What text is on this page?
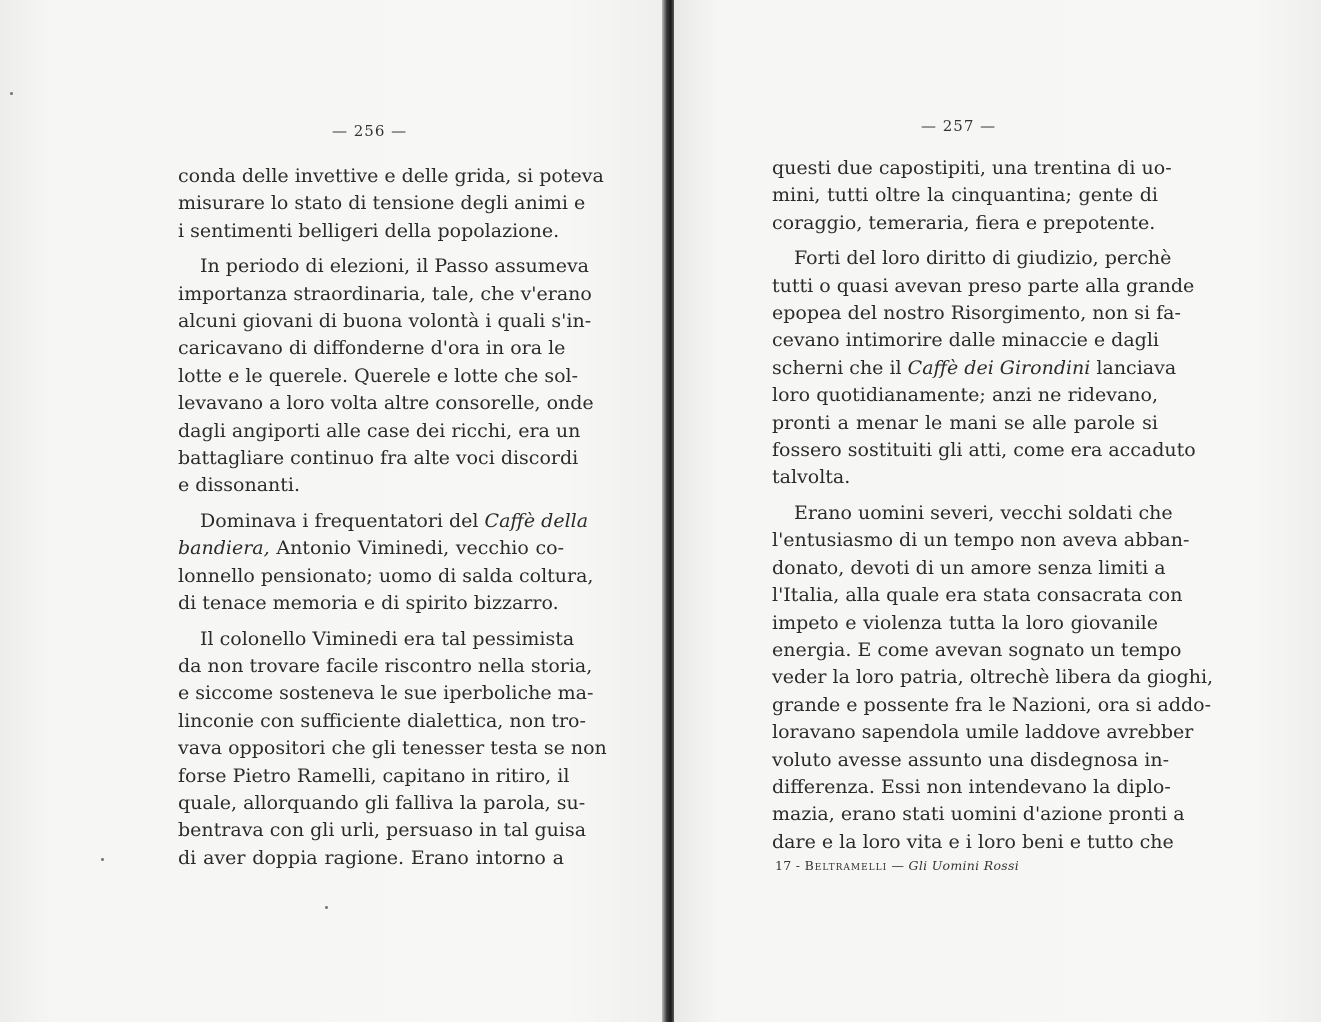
— 256 —
conda delle invettive e delle grida, si poteva
misurare lo stato di tensione degli animi e
i sentimenti belligeri della popolazione.
In periodo di elezioni, il Passo assumeva
importanza straordinaria, tale, che v'erano
alcuni giovani di buona volontà i quali s'in-
caricavano di diffonderne d'ora in ora le
lotte e le querele. Querele e lotte che sol-
levavano a loro volta altre consorelle, onde
dagli angiporti alle case dei ricchi, era un
battagliare continuo fra alte voci discordi
e dissonanti.
Dominava i frequentatori del Caffè della
bandiera, Antonio Viminedi, vecchio co-
lonnello pensionato; uomo di salda coltura,
di tenace memoria e di spirito bizzarro.
Il colonello Viminedi era tal pessimista
da non trovare facile riscontro nella storia,
e siccome sosteneva le sue iperboliche ma-
linconie con sufficiente dialettica, non tro-
vava oppositori che gli tenesser testa se non
forse Pietro Ramelli, capitano in ritiro, il
quale, allorquando gli falliva la parola, su-
bentrava con gli urli, persuaso in tal guisa
di aver doppia ragione. Erano intorno a
— 257 —
questi due capostipiti, una trentina di uo-
mini, tutti oltre la cinquantina; gente di
coraggio, temeraria, fiera e prepotente.
Forti del loro diritto di giudizio, perchè
tutti o quasi avevan preso parte alla grande
epopea del nostro Risorgimento, non si fa-
cevano intimorire dalle minaccie e dagli
scherni che il Caffè dei Girondini lanciava
loro quotidianamente; anzi ne ridevano,
pronti a menar le mani se alle parole si
fossero sostituiti gli atti, come era accaduto
talvolta.
Erano uomini severi, vecchi soldati che
l'entusiasmo di un tempo non aveva abban-
donato, devoti di un amore senza limiti a
l'Italia, alla quale era stata consacrata con
impeto e violenza tutta la loro giovanile
energia. E come avevan sognato un tempo
veder la loro patria, oltrechè libera da gioghi,
grande e possente fra le Nazioni, ora si addo-
loravano sapendola umile laddove avrebber
voluto avesse assunto una disdegnosa in-
differenza. Essi non intendevano la diplo-
mazia, erano stati uomini d'azione pronti a
dare e la loro vita e i loro beni e tutto che
17 - Beltramelli — Gli Uomini Rossi
